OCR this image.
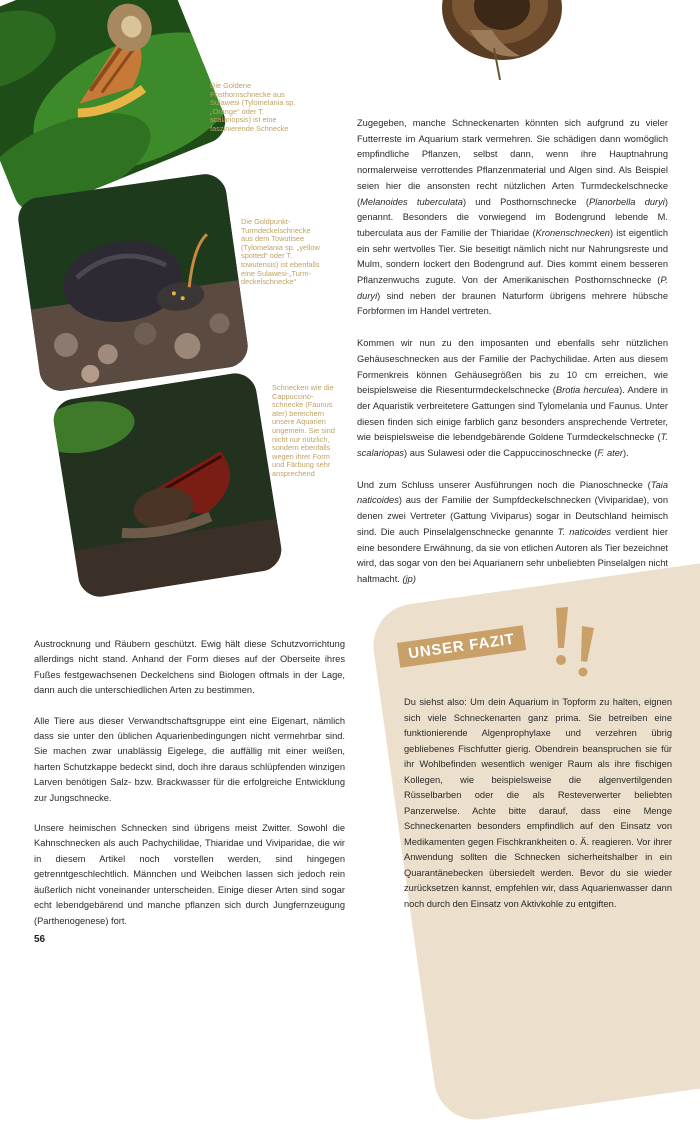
Die Goldene Posthornschnecke aus Sulawesi (Tylomelania sp. „Orange“ oder T. scalariopsis) ist eine faszinierende Schnecke
Die Goldpunkt-Turmdeckelschnecke aus dem Towutisee (Tylomelania sp. „yellow spotted“ oder T. towutensis) ist ebenfalls eine Sulawesi-„Turm-deckelschnecke“
Schnecken wie die Cappuccino-schnecke (Faunus ater) bereichern unsere Aquarien ungemein. Sie sind nicht nur nützlich, sondern ebenfalls wegen ihrer Form und Färbung sehr ansprechend

Zugegeben, manche Schneckenarten könnten sich aufgrund zu vieler Futterreste im Aquarium stark vermehren. Sie schädigen dann womöglich empfindliche Pflanzen, selbst dann, wenn ihre Hauptnahrung normalerweise verrottendes Pflanzenmaterial und Algen sind. Als Beispiel seien hier die ansonsten recht nützlichen Arten Turmdeckelschnecke (Melanoides tuberculata) und Posthornschnecke (Planorbella duryi) genannt. Besonders die vorwiegend im Bodengrund lebende M. tuberculata aus der Familie der Thiaridae (Kronenschnecken) ist eigentlich ein sehr wertvolles Tier. Sie beseitigt nämlich nicht nur Nahrungsreste und Mulm, sondern lockert den Bodengrund auf. Dies kommt einem besseren Pflanzenwuchs zugute. Von der Amerikanischen Posthornschnecke (P. duryi) sind neben der braunen Naturform übrigens mehrere hübsche Forbformen im Handel vertreten.

Kommen wir nun zu den imposanten und ebenfalls sehr nützlichen Gehäuseschnecken aus der Familie der Pachychilidae. Arten aus diesem Formenkreis können Gehäusegrößen bis zu 10 cm erreichen, wie beispielsweise die Riesenturmdeckelschnecke (Brotia herculea). Andere in der Aquaristik verbreitetere Gattungen sind Tylomelania und Faunus. Unter diesen finden sich einige farblich ganz besonders ansprechende Vertreter, wie beispielsweise die lebendgebärende Goldene Turmdeckelschnecke (T. scalariopas) aus Sulawesi oder die Cappuccinoschnecke (F. ater).

Und zum Schluss unserer Ausführungen noch die Pianoschnecke (Taia naticoides) aus der Familie der Sumpfdeckelschnecken (Viviparidae), von denen zwei Vertreter (Gattung Viviparus) sogar in Deutschland heimisch sind. Die auch Pinselalgenschnecke genannte T. naticoides verdient hier eine besondere Erwähnung, da sie von etlichen Autoren als Tier bezeichnet wird, das sogar von den bei Aquarianern sehr unbeliebten Pinselalgen nicht haltmacht. (jp)

Austrocknung und Räubern geschützt. Ewig hält diese Schutzvorrichtung allerdings nicht stand. Anhand der Form dieses auf der Oberseite ihres Fußes festgewachsenen Deckelchens sind Biologen oftmals in der Lage, dann auch die unterschiedlichen Arten zu bestimmen.

Alle Tiere aus dieser Verwandtschaftsgruppe eint eine Eigenart, nämlich dass sie unter den üblichen Aquarienbedingungen nicht vermehrbar sind. Sie machen zwar unablässig Eigelege, die auffällig mit einer weißen, harten Schutzkappe bedeckt sind, doch ihre daraus schlüpfenden winzigen Larven benötigen Salz- bzw. Brackwasser für die erfolgreiche Entwicklung zur Jungschnecke.

Unsere heimischen Schnecken sind übrigens meist Zwitter. Sowohl die Kahnschnecken als auch Pachychilidae, Thiaridae und Viviparidae, die wir in diesem Artikel noch vorstellen werden, sind hingegen getrenntgeschlechtlich. Männchen und Weibchen lassen sich jedoch rein äußerlich nicht voneinander unterscheiden. Einige dieser Arten sind sogar echt lebendgebärend und manche pflanzen sich durch Jungfernzeugung (Parthenogenese) fort.

UNSER FAZIT
Du siehst also: Um dein Aquarium in Topform zu halten, eignen sich viele Schneckenarten ganz prima. Sie betreiben eine funktionierende Algenprophylaxe und verzehren übrig gebliebenes Fischfutter gierig. Obendrein beanspruchen sie für ihr Wohlbefinden wesentlich weniger Raum als ihre fischigen Kollegen, wie beispielsweise die algenvertilgenden Rüsselbarben oder die als Resteverwerter beliebten Panzerwelse. Achte bitte darauf, dass eine Menge Schneckenarten besonders empfindlich auf den Einsatz von Medikamenten gegen Fischkrankheiten o. Ä. reagieren. Vor ihrer Anwendung sollten die Schnecken sicherheitshalber in ein Quarantänebecken übersiedelt werden. Bevor du sie wieder zurücksetzen kannst, empfehlen wir, dass Aquarienwasser dann noch durch den Einsatz von Aktivkohle zu entgiften.
56
